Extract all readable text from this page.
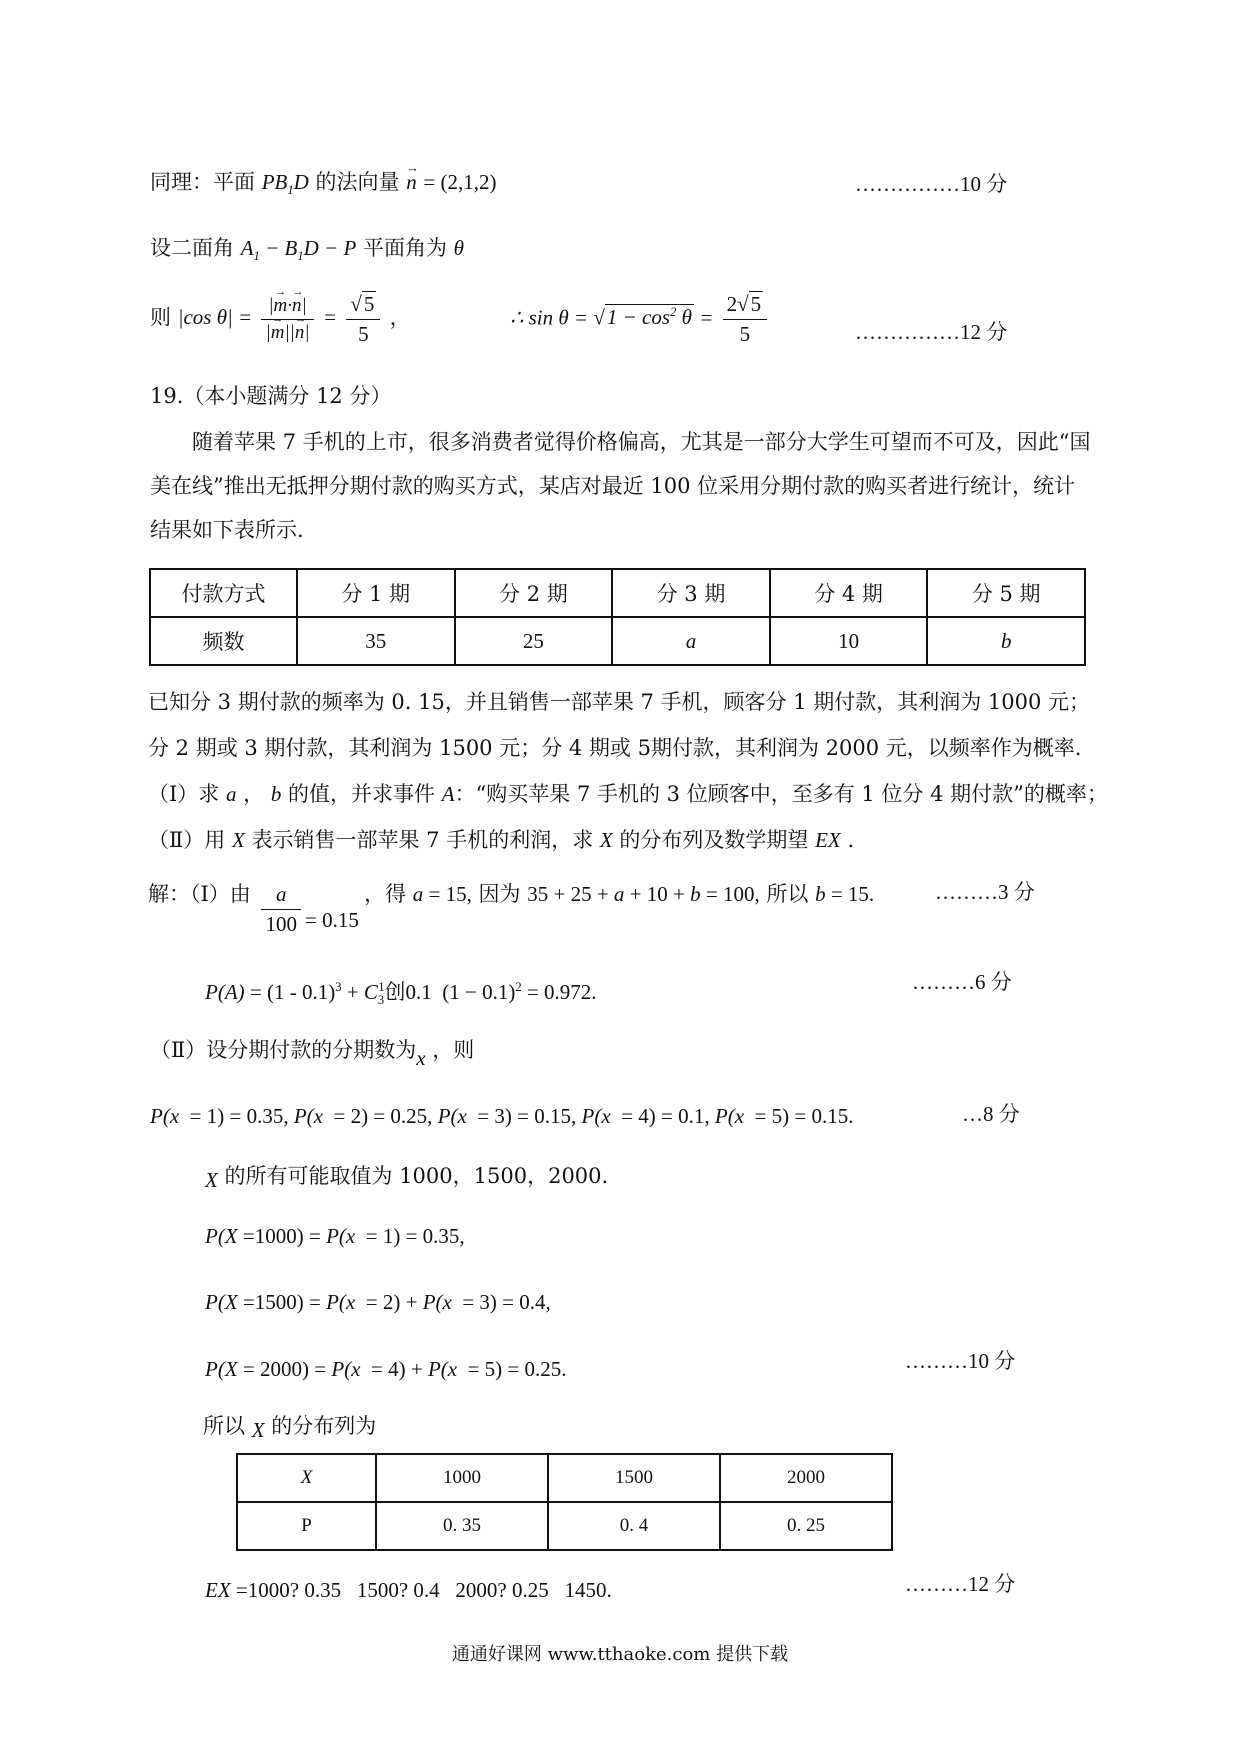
同理：平面 $PB_1D$ 的法向量 → n = (2,1,2)	……………10 分
设二面角 $A_1 - B_1D - P$ 平面角为 θ
则 |cos $\theta| = \frac{|\to m\cdot\to n|}{|\to m||\to n|} = \frac{√5}{5}$ ，	∴ $\sin \theta = √1 - \cos^2 \theta = \frac{2√5}{5}$	……………12 分
19.（本小题满分 12 分）
随着苹果 7 手机的上市，很多消费者觉得价格偏高，尤其是一部分大学生可望而不可及，因此“国美在线”推出无抵押分期付款的购买方式，某店对最近 100 位采用分期付款的购买者进行统计，统计结果如下表所示.
付款方式	分 1 期	分 2 期	分 3 期	分 4 期	分 5 期
频数	35	25	a	10	b
已知分 3 期付款的频率为 0. 15，并且销售一部苹果 7 手机，顾客分 1 期付款，其利润为 1000 元；
分 2 期或 3 期付款，其利润为 1500 元；分 4 期或 5期付款，其利润为 2000 元，以频率作为概率.
（Ⅰ）求 a ， b 的值，并求事件 A：“购买苹果 7 手机的 3 位顾客中，至多有 1 位分 4 期付款”的概率；
（Ⅱ）用 X 表示销售一部苹果 7 手机的利润，求 X 的分布列及数学期望 EX .
解：（Ⅰ）由 $\frac{a}{100} = 0.15$ ，得 a = 15, 因为 35 + 25 + a + 10 + b = 100, 所以 b = 15.	………3 分
$P(A) = (1 - 0.1)^3 + C_3^1$创0.1  $(1 - 0.1)^2 = 0.972$.	………6 分
（Ⅱ）设分期付款的分期数为x ，则
P(x  = 1) = 0.35, P(x  = 2) = 0.25, P(x  = 3) = 0.15, P(x  = 4) = 0.1, P(x  = 5) = 0.15.	…8 分
X 的所有可能取值为 1000，1500，2000.
P(X =1000) = P(x  = 1) = 0.35,
P(X =1500) = P(x  = 2) + P(x  = 3) = 0.4,
P(X = 2000) = P(x  = 4) + P(x  = 5) = 0.25.	………10 分
所以 X 的分布列为
X	1000	1500	2000
P	0. 35	0. 4	0. 25
EX =1000? 0.35   1500? 0.4   2000? 0.25   1450.	………12 分
通通好课网 www.tthaoke.com 提供下载
